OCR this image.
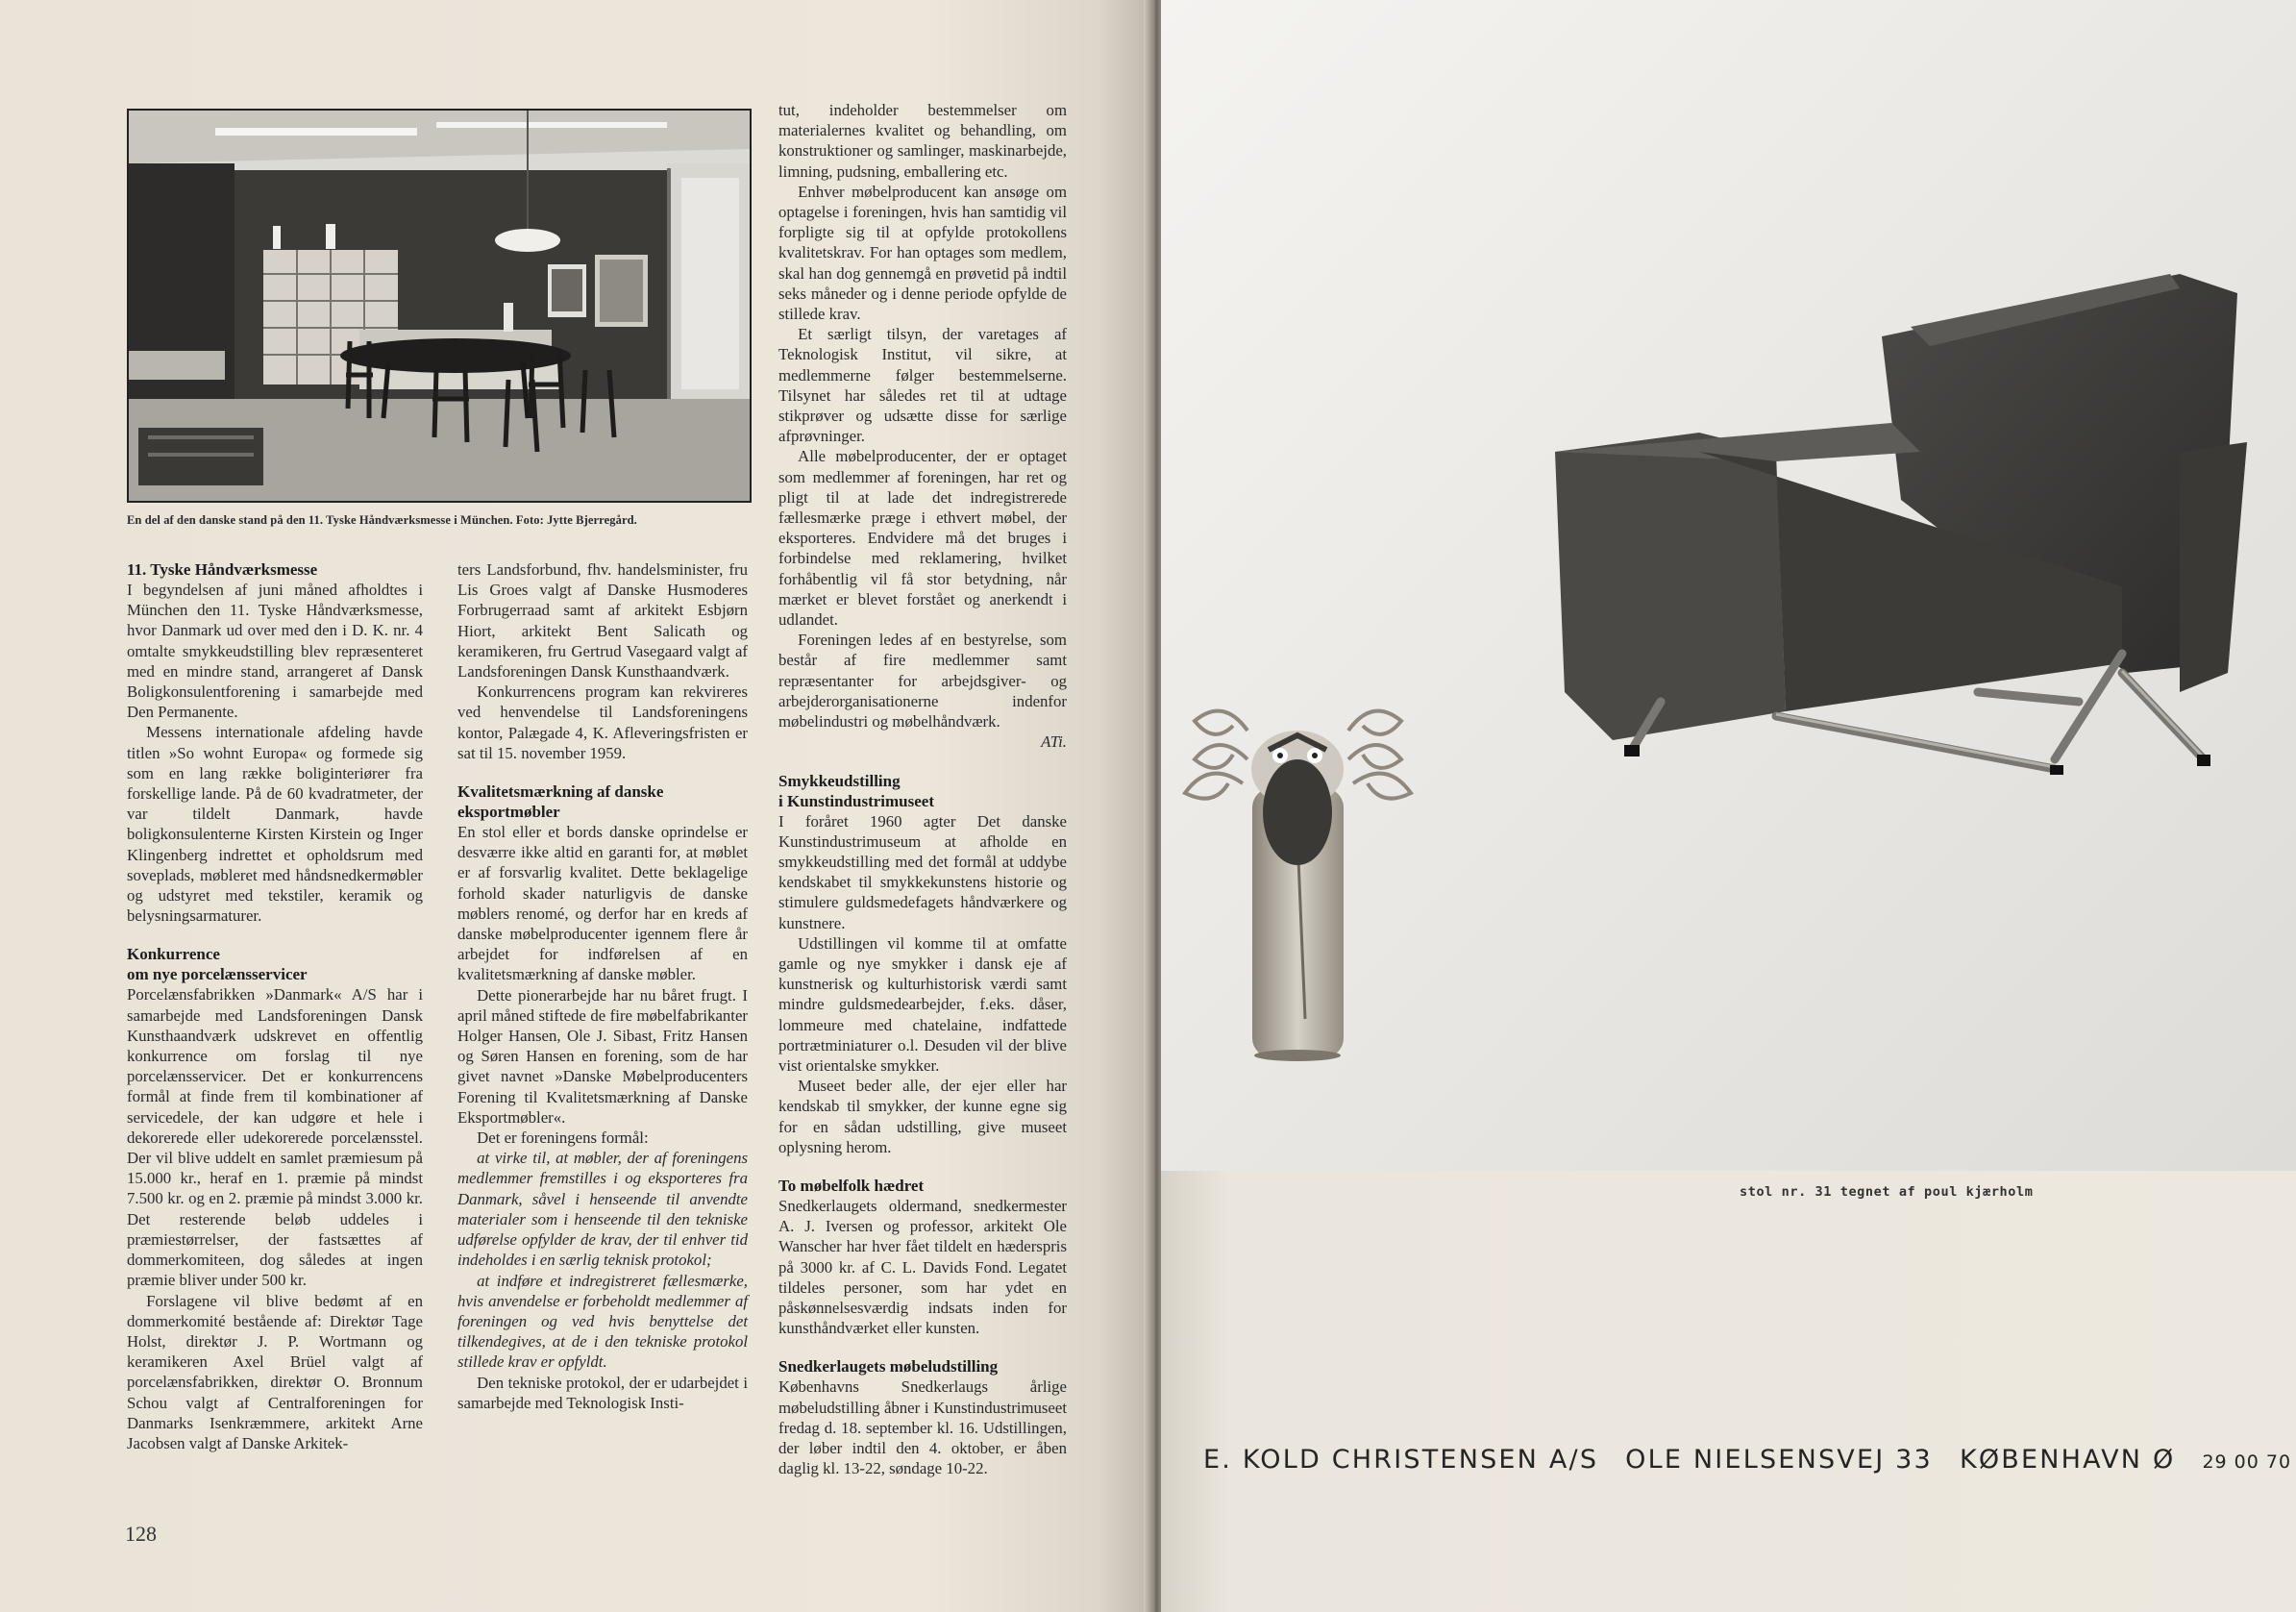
En del af den danske stand på den 11. Tyske Håndværksmesse i München. Foto: Jytte Bjerregård.
11. Tyske Håndværksmesse

I begyndelsen af juni måned afholdtes i München den 11. Tyske Håndværksmesse, hvor Danmark ud over med den i D. K. nr. 4 omtalte smykkeudstilling blev repræsenteret med en mindre stand, arrangeret af Dansk Boligkonsulentforening i samarbejde med Den Permanente.

Messens internationale afdeling havde titlen »So wohnt Europa« og formede sig som en lang række boliginteriører fra forskellige lande. På de 60 kvadratmeter, der var tildelt Danmark, havde boligkonsulenterne Kirsten Kirstein og Inger Klingenberg indrettet et opholdsrum med soveplads, møbleret med håndsnedkermøbler og udstyret med tekstiler, keramik og belysningsarmaturer.

Konkurrence
om nye porcelænsservicer

Porcelænsfabrikken »Danmark« A/S har i samarbejde med Landsforeningen Dansk Kunsthaandværk udskrevet en offentlig konkurrence om forslag til nye porcelænsservicer. Det er konkurrencens formål at finde frem til kombinationer af servicedele, der kan udgøre et hele i dekorerede eller udekorerede porcelænsstel. Der vil blive uddelt en samlet præmiesum på 15.000 kr., heraf en 1. præmie på mindst 7.500 kr. og en 2. præmie på mindst 3.000 kr. Det resterende beløb uddeles i præmiestørrelser, der fastsættes af dommerkomiteen, dog således at ingen præmie bliver under 500 kr.

Forslagene vil blive bedømt af en dommerkomité bestående af: Direktør Tage Holst, direktør J. P. Wortmann og keramikeren Axel Brüel valgt af porcelænsfabrikken, direktør O. Bronnum Schou valgt af Centralforeningen for Danmarks Isenkræmmere, arkitekt Arne Jacobsen valgt af Danske Arkitek-

ters Landsforbund, fhv. handelsminister, fru Lis Groes valgt af Danske Husmoderes Forbrugerraad samt af arkitekt Esbjørn Hiort, arkitekt Bent Salicath og keramikeren, fru Gertrud Vasegaard valgt af Landsforeningen Dansk Kunsthaandværk.

Konkurrencens program kan rekvireres ved henvendelse til Landsforeningens kontor, Palægade 4, K. Afleveringsfristen er sat til 15. november 1959.

Kvalitetsmærkning af danske
eksportmøbler

En stol eller et bords danske oprindelse er desværre ikke altid en garanti for, at møblet er af forsvarlig kvalitet. Dette beklagelige forhold skader naturligvis de danske møblers renomé, og derfor har en kreds af danske møbelproducenter igennem flere år arbejdet for indførelsen af en kvalitetsmærkning af danske møbler.

Dette pionerarbejde har nu båret frugt. I april måned stiftede de fire møbelfabrikanter Holger Hansen, Ole J. Sibast, Fritz Hansen og Søren Hansen en forening, som de har givet navnet »Danske Møbelproducenters Forening til Kvalitetsmærkning af Danske Eksportmøbler«.

Det er foreningens formål:

at virke til, at møbler, der af foreningens medlemmer fremstilles i og eksporteres fra Danmark, såvel i henseende til anvendte materialer som i henseende til den tekniske udførelse opfylder de krav, der til enhver tid indeholdes i en særlig teknisk protokol;

at indføre et indregistreret fællesmærke, hvis anvendelse er forbeholdt medlemmer af foreningen og ved hvis benyttelse det tilkendegives, at de i den tekniske protokol stillede krav er opfyldt.

Den tekniske protokol, der er udarbejdet i samarbejde med Teknologisk Insti-

tut, indeholder bestemmelser om materialernes kvalitet og behandling, om konstruktioner og samlinger, maskinarbejde, limning, pudsning, emballering etc.

Enhver møbelproducent kan ansøge om optagelse i foreningen, hvis han samtidig vil forpligte sig til at opfylde protokollens kvalitetskrav. For han optages som medlem, skal han dog gennemgå en prøvetid på indtil seks måneder og i denne periode opfylde de stillede krav.

Et særligt tilsyn, der varetages af Teknologisk Institut, vil sikre, at medlemmerne følger bestemmelserne. Tilsynet har således ret til at udtage stikprøver og udsætte disse for særlige afprøvninger.

Alle møbelproducenter, der er optaget som medlemmer af foreningen, har ret og pligt til at lade det indregistrerede fællesmærke præge i ethvert møbel, der eksporteres. Endvidere må det bruges i forbindelse med reklamering, hvilket forhåbentlig vil få stor betydning, når mærket er blevet forstået og anerkendt i udlandet.

Foreningen ledes af en bestyrelse, som består af fire medlemmer samt repræsentanter for arbejdsgiver- og arbejderorganisationerne indenfor møbelindustri og møbelhåndværk.

ATi.
Smykkeudstilling
i Kunstindustrimuseet

I foråret 1960 agter Det danske Kunstindustrimuseum at afholde en smykkeudstilling med det formål at uddybe kendskabet til smykkekunstens historie og stimulere guldsmedefagets håndværkere og kunstnere.

Udstillingen vil komme til at omfatte gamle og nye smykker i dansk eje af kunstnerisk og kulturhistorisk værdi samt mindre guldsmedearbejder, f.eks. dåser, lommeure med chatelaine, indfattede portrætminiaturer o.l. Desuden vil der blive vist orientalske smykker.

Museet beder alle, der ejer eller har kendskab til smykker, der kunne egne sig for en sådan udstilling, give museet oplysning herom.

To møbelfolk hædret

Snedkerlaugets oldermand, snedkermester A. J. Iversen og professor, arkitekt Ole Wanscher har hver fået tildelt en hæderspris på 3000 kr. af C. L. Davids Fond. Legatet tildeles personer, som har ydet en påskønnelsesværdig indsats inden for kunsthåndværket eller kunsten.

Snedkerlaugets møbeludstilling

Københavns Snedkerlaugs årlige møbeludstilling åbner i Kunstindustrimuseet fredag d. 18. september kl. 16. Udstillingen, der løber indtil den 4. oktober, er åben daglig kl. 13-22, søndage 10-22.

128
stol nr. 31 tegnet af poul kjærholm
E. KOLD CHRISTENSEN A/S OLE NIELSENSVEJ 33 KØBENHAVN Ø 29 00 70
